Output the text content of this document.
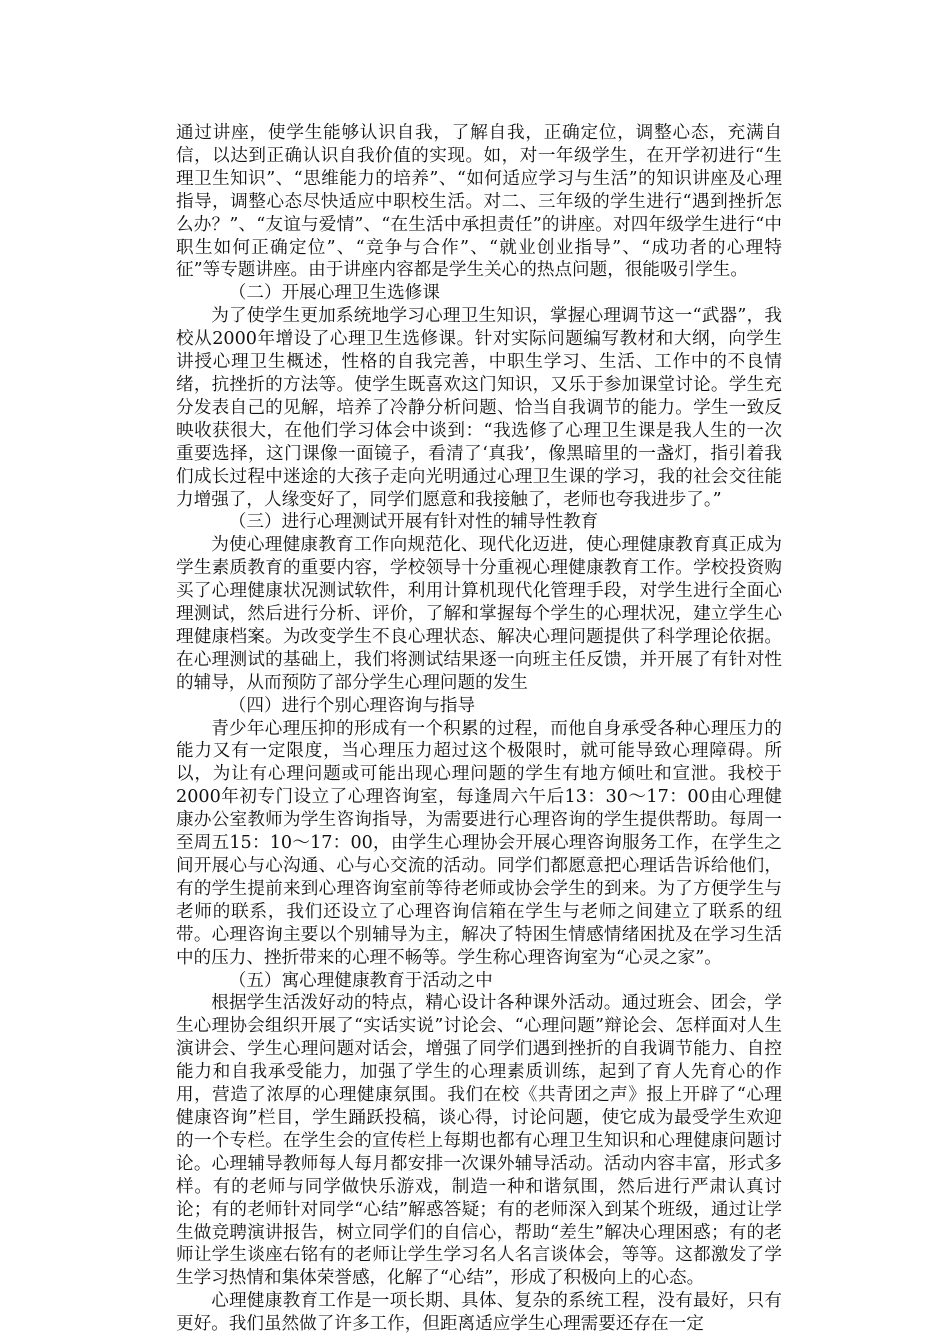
通过讲座，使学生能够认识自我，了解自我，正确定位，调整心态，充满自信，以达到正确认识自我价值的实现。如，对一年级学生，在开学初进行“生理卫生知识”、“思维能力的培养”、“如何适应学习与生活”的知识讲座及心理指导，调整心态尽快适应中职校生活。对二、三年级的学生进行“遇到挫折怎么办？”、“友谊与爱情”、“在生活中承担责任”的讲座。对四年级学生进行“中职生如何正确定位”、“竞争与合作”、“就业创业指导”、“成功者的心理特征”等专题讲座。由于讲座内容都是学生关心的热点问题，很能吸引学生。

（二）开展心理卫生选修课

为了使学生更加系统地学习心理卫生知识，掌握心理调节这一“武器”，我校从2000年增设了心理卫生选修课。针对实际问题编写教材和大纲，向学生讲授心理卫生概述，性格的自我完善，中职生学习、生活、工作中的不良情绪，抗挫折的方法等。使学生既喜欢这门知识，又乐于参加课堂讨论。学生充分发表自己的见解，培养了冷静分析问题、恰当自我调节的能力。学生一致反映收获很大，在他们学习体会中谈到：“我选修了心理卫生课是我人生的一次重要选择，这门课像一面镜子，看清了‘真我’，像黑暗里的一盏灯，指引着我们成长过程中迷途的大孩子走向光明通过心理卫生课的学习，我的社会交往能力增强了，人缘变好了，同学们愿意和我接触了，老师也夸我进步了。”

（三）进行心理测试开展有针对性的辅导性教育

为使心理健康教育工作向规范化、现代化迈进，使心理健康教育真正成为学生素质教育的重要内容，学校领导十分重视心理健康教育工作。学校投资购买了心理健康状况测试软件，利用计算机现代化管理手段，对学生进行全面心理测试，然后进行分析、评价，了解和掌握每个学生的心理状况，建立学生心理健康档案。为改变学生不良心理状态、解决心理问题提供了科学理论依据。在心理测试的基础上，我们将测试结果逐一向班主任反馈，并开展了有针对性的辅导，从而预防了部分学生心理问题的发生

（四）进行个别心理咨询与指导

青少年心理压抑的形成有一个积累的过程，而他自身承受各种心理压力的能力又有一定限度，当心理压力超过这个极限时，就可能导致心理障碍。所以，为让有心理问题或可能出现心理问题的学生有地方倾吐和宣泄。我校于2000年初专门设立了心理咨询室，每逢周六午后13：30～17：00由心理健康办公室教师为学生咨询指导，为需要进行心理咨询的学生提供帮助。每周一至周五15：10～17：00，由学生心理协会开展心理咨询服务工作，在学生之间开展心与心沟通、心与心交流的活动。同学们都愿意把心理话告诉给他们，有的学生提前来到心理咨询室前等待老师或协会学生的到来。为了方便学生与老师的联系，我们还设立了心理咨询信箱在学生与老师之间建立了联系的纽带。心理咨询主要以个别辅导为主，解决了特困生情感情绪困扰及在学习生活中的压力、挫折带来的心理不畅等。学生称心理咨询室为“心灵之家”。

（五）寓心理健康教育于活动之中

根据学生活泼好动的特点，精心设计各种课外活动。通过班会、团会，学生心理协会组织开展了“实话实说”讨论会、“心理问题”辩论会、怎样面对人生演讲会、学生心理问题对话会，增强了同学们遇到挫折的自我调节能力、自控能力和自我承受能力，加强了学生的心理素质训练，起到了育人先育心的作用，营造了浓厚的心理健康氛围。我们在校《共青团之声》报上开辟了“心理健康咨询”栏目，学生踊跃投稿，谈心得，讨论问题，使它成为最受学生欢迎的一个专栏。在学生会的宣传栏上每期也都有心理卫生知识和心理健康问题讨论。心理辅导教师每人每月都安排一次课外辅导活动。活动内容丰富，形式多样。有的老师与同学做快乐游戏，制造一种和谐氛围，然后进行严肃认真讨论；有的老师针对同学“心结”解惑答疑；有的老师深入到某个班级，通过让学生做竞聘演讲报告，树立同学们的自信心，帮助“差生”解决心理困惑；有的老师让学生谈座右铭有的老师让学生学习名人名言谈体会，等等。这都激发了学生学习热情和集体荣誉感，化解了“心结”，形成了积极向上的心态。

心理健康教育工作是一项长期、具体、复杂的系统工程，没有最好，只有更好。我们虽然做了许多工作，但距离适应学生心理需要还存在一定
